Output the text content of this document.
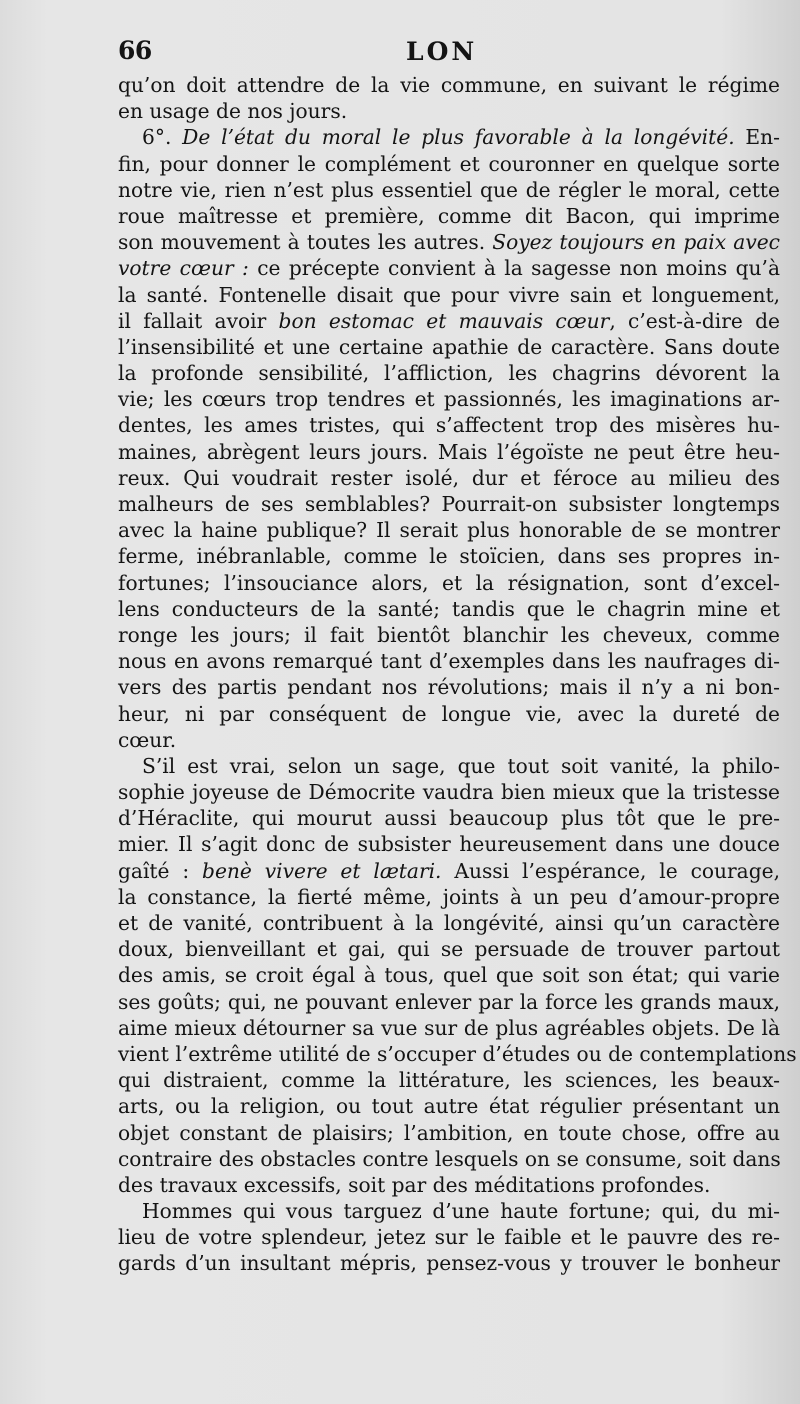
66	LON
qu’on doit attendre de la vie commune, en suivant le régime
en usage de nos jours.
6°. De l’état du moral le plus favorable à la longévité. En-
fin, pour donner le complément et couronner en quelque sorte
notre vie, rien n’est plus essentiel que de régler le moral, cette
roue maîtresse et première, comme dit Bacon, qui imprime
son mouvement à toutes les autres. Soyez toujours en paix avec
votre cœur : ce précepte convient à la sagesse non moins qu’à
la santé. Fontenelle disait que pour vivre sain et longuement,
il fallait avoir bon estomac et mauvais cœur, c’est-à-dire de
l’insensibilité et une certaine apathie de caractère. Sans doute
la profonde sensibilité, l’affliction, les chagrins dévorent la
vie; les cœurs trop tendres et passionnés, les imaginations ar-
dentes, les ames tristes, qui s’affectent trop des misères hu-
maines, abrègent leurs jours. Mais l’égoïste ne peut être heu-
reux. Qui voudrait rester isolé, dur et féroce au milieu des
malheurs de ses semblables? Pourrait-on subsister longtemps
avec la haine publique? Il serait plus honorable de se montrer
ferme, inébranlable, comme le stoïcien, dans ses propres in-
fortunes; l’insouciance alors, et la résignation, sont d’excel-
lens conducteurs de la santé; tandis que le chagrin mine et
ronge les jours; il fait bientôt blanchir les cheveux, comme
nous en avons remarqué tant d’exemples dans les naufrages di-
vers des partis pendant nos révolutions; mais il n’y a ni bon-
heur, ni par conséquent de longue vie, avec la dureté de
cœur.
S’il est vrai, selon un sage, que tout soit vanité, la philo-
sophie joyeuse de Démocrite vaudra bien mieux que la tristesse
d’Héraclite, qui mourut aussi beaucoup plus tôt que le pre-
mier. Il s’agit donc de subsister heureusement dans une douce
gaîté : benè vivere et lætari. Aussi l’espérance, le courage,
la constance, la fierté même, joints à un peu d’amour-propre
et de vanité, contribuent à la longévité, ainsi qu’un caractère
doux, bienveillant et gai, qui se persuade de trouver partout
des amis, se croit égal à tous, quel que soit son état; qui varie
ses goûts; qui, ne pouvant enlever par la force les grands maux,
aime mieux détourner sa vue sur de plus agréables objets. De là
vient l’extrême utilité de s’occuper d’études ou de contemplations
qui distraient, comme la littérature, les sciences, les beaux-
arts, ou la religion, ou tout autre état régulier présentant un
objet constant de plaisirs; l’ambition, en toute chose, offre au
contraire des obstacles contre lesquels on se consume, soit dans
des travaux excessifs, soit par des méditations profondes.
Hommes qui vous targuez d’une haute fortune; qui, du mi-
lieu de votre splendeur, jetez sur le faible et le pauvre des re-
gards d’un insultant mépris, pensez-vous y trouver le bonheur
